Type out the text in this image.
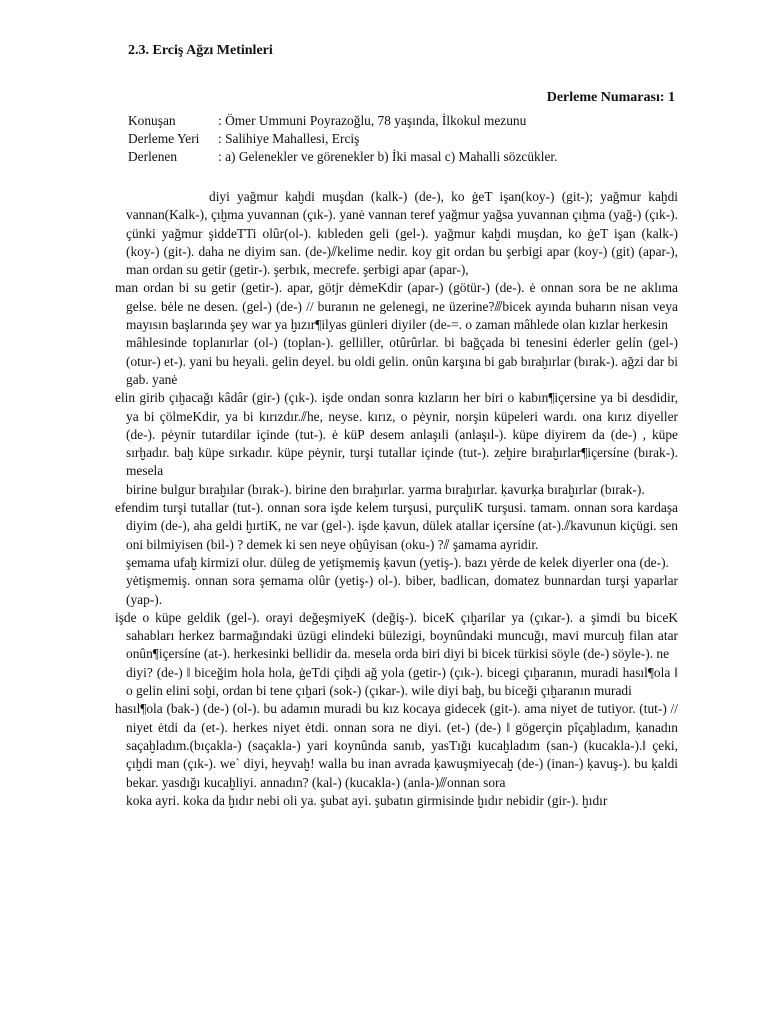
2.3. Erciş Ağzı Metinleri
Derleme Numarası: 1
Konuşan	: Ömer Ummuni Poyrazoğlu, 78 yaşında, İlkokul mezunu
Derleme Yeri	: Salihiye Mahallesi, Erciş
Derlenen	: a) Gelenekler ve görenekler b) İki masal c) Mahalli sözcükler.

diyi yağmur kaḫdi muşdan (kalk-) (de-), ko ġeT işan(koy-) (git-); yağmur kaḫdi vannan(Kalk-), çıḫma yuvannan (çık-). yanė vannan teref yağmur yağsa yuvannan çıḫma (yağ-) (çık-). çünki yağmur şiddeTTi olûr(ol-). kıbleden geli (gel-). yağmur kaḫdi muşdan, ko ġeT işan (kalk-) (koy-) (git-). daha ne diyim san. (de-)⫽kelime nedir. koy git ordan bu şerbigi apar (koy-) (git) (apar-), man ordan su getir (getir-). şerbık, mecrefe. şerbigi apar (apar-),

man ordan bi su getir (getir-). apar, götjr dėmeKdir (apar-) (götür-) (de-). ė onnan sora be ne aklıma gelse. bėle ne desen. (gel-) (de-) // buranın ne gelenegi, ne üzerine?⫻bicek ayında buharın nisan veya mayısın başlarında şey war ya ḫızır¶ilyas günleri diyiler (de-=. o zaman mâhlede olan kızlar herkesin

mâhlesinde toplanırlar (ol-) (toplan-). gelliller, otûrûrlar. bi bağçada bi tenesini ėderler gelín (gel-) (otur-) et-). yani bu heyali. gelin deyel. bu oldi gelin. onûn karşına bi gab bıraḫırlar (bırak-). ağzi dar bi gab. yanė

elin girib çıḫacağı kâdâr (gir-) (çık-). işde ondan sonra kızların her biri o kabın¶içersine ya bi desdidir, ya bi çölmeKdir, ya bi kırızdır.⫽he, neyse. kırız, o pėynir, norşin küpeleri wardı. ona kırız diyeller (de-). pėynir tutardilar içinde (tut-). ė küP desem anlaşıli (anlaşıl-). küpe diyirem da (de-) , küpe sırḫadır. baḫ küpe sırkadır. küpe pėynir, turşi tutallar içinde (tut-). zeḫire bıraḫırlar¶içersíne (bırak-). mesela

birine bulgur bıraḫılar (bırak-). birine den bıraḫırlar. yarma bıraḫırlar. ḳavurḳa bıraḫırlar (bırak-).

efendim turşi tutallar (tut-). onnan sora işde kelem turşusi, purçuliK turşusi. tamam. onnan sora kardaşa diyim (de-), aha geldi ḫırtiK, ne var (gel-). işde ḳavun, dülek atallar içersíne (at-).⫽kavunun kiçügi. sen oni bilmiyisen (bil-) ? demek ki sen neye oḫûyisan (oku-) ?⫽ şamama ayridir.

şemama ufaḫ kirmizi olur. düleg de yetişmemiş ḳavun (yetiş-). bazı yėrde de kelek diyerler ona (de-).

yėtişmemiş. onnan sora şemama olûr (yetiş-) ol-). biber, badlican, domatez bunnardan turşi yaparlar (yap-).

işde o küpe geldik (gel-). orayi değeşmiyeK (değiş-). biceK çıḫarilar ya (çıkar-). a şimdi bu biceK sahabları herkez barmağındaki üzügi elindeki bülezigi, boynûndaki muncuğı, mavi murcuḫ filan atar onûn¶içersíne (at-). herkesinki bellidir da. mesela orda biri diyi bi bicek türkisi söyle (de-) söyle-). ne

diyi? (de-) ‖ biceğim hola hola, ġeTdi çiḫdi ağ yola (getir-) (çık-). bicegi çıḫaranın, muradi hasıl¶ola ‖ o gelin elini soḫi, ordan bi tene çıḫari (sok-) (çıkar-). wile diyi baḫ, bu biceği çıḫaranın muradi

hasıl¶ola (bak-) (de-) (ol-). bu adamın muradi bu kız kocaya gidecek (git-). ama niyet de tutiyor. (tut-) // niyet ėtdi da (et-). herkes niyet ėtdi. onnan sora ne diyi. (et-) (de-) ‖ gögerçin pîçaḫladım, ḳanadın saçaḫladım.(bıçakla-) (saçakla-) yari koynûnda sanıb, yasTığı kucaḫladım (san-) (kucakla-).‖ çeki, çıḫdi man (çık-). we` diyi, heyvaḫ! walla bu inan avrada ḳawuşmiyecaḫ (de-) (inan-) ḳavuş-). bu ḳaldi bekar. yasdığı kucaḫliyi. annadın? (kal-) (kucakla-) (anla-)⫻onnan sora

koka ayri. koka da ḫıdır nebi oli ya. şubat ayi. şubatın girmisinde ḫıdır nebidir (gir-). ḫıdır
